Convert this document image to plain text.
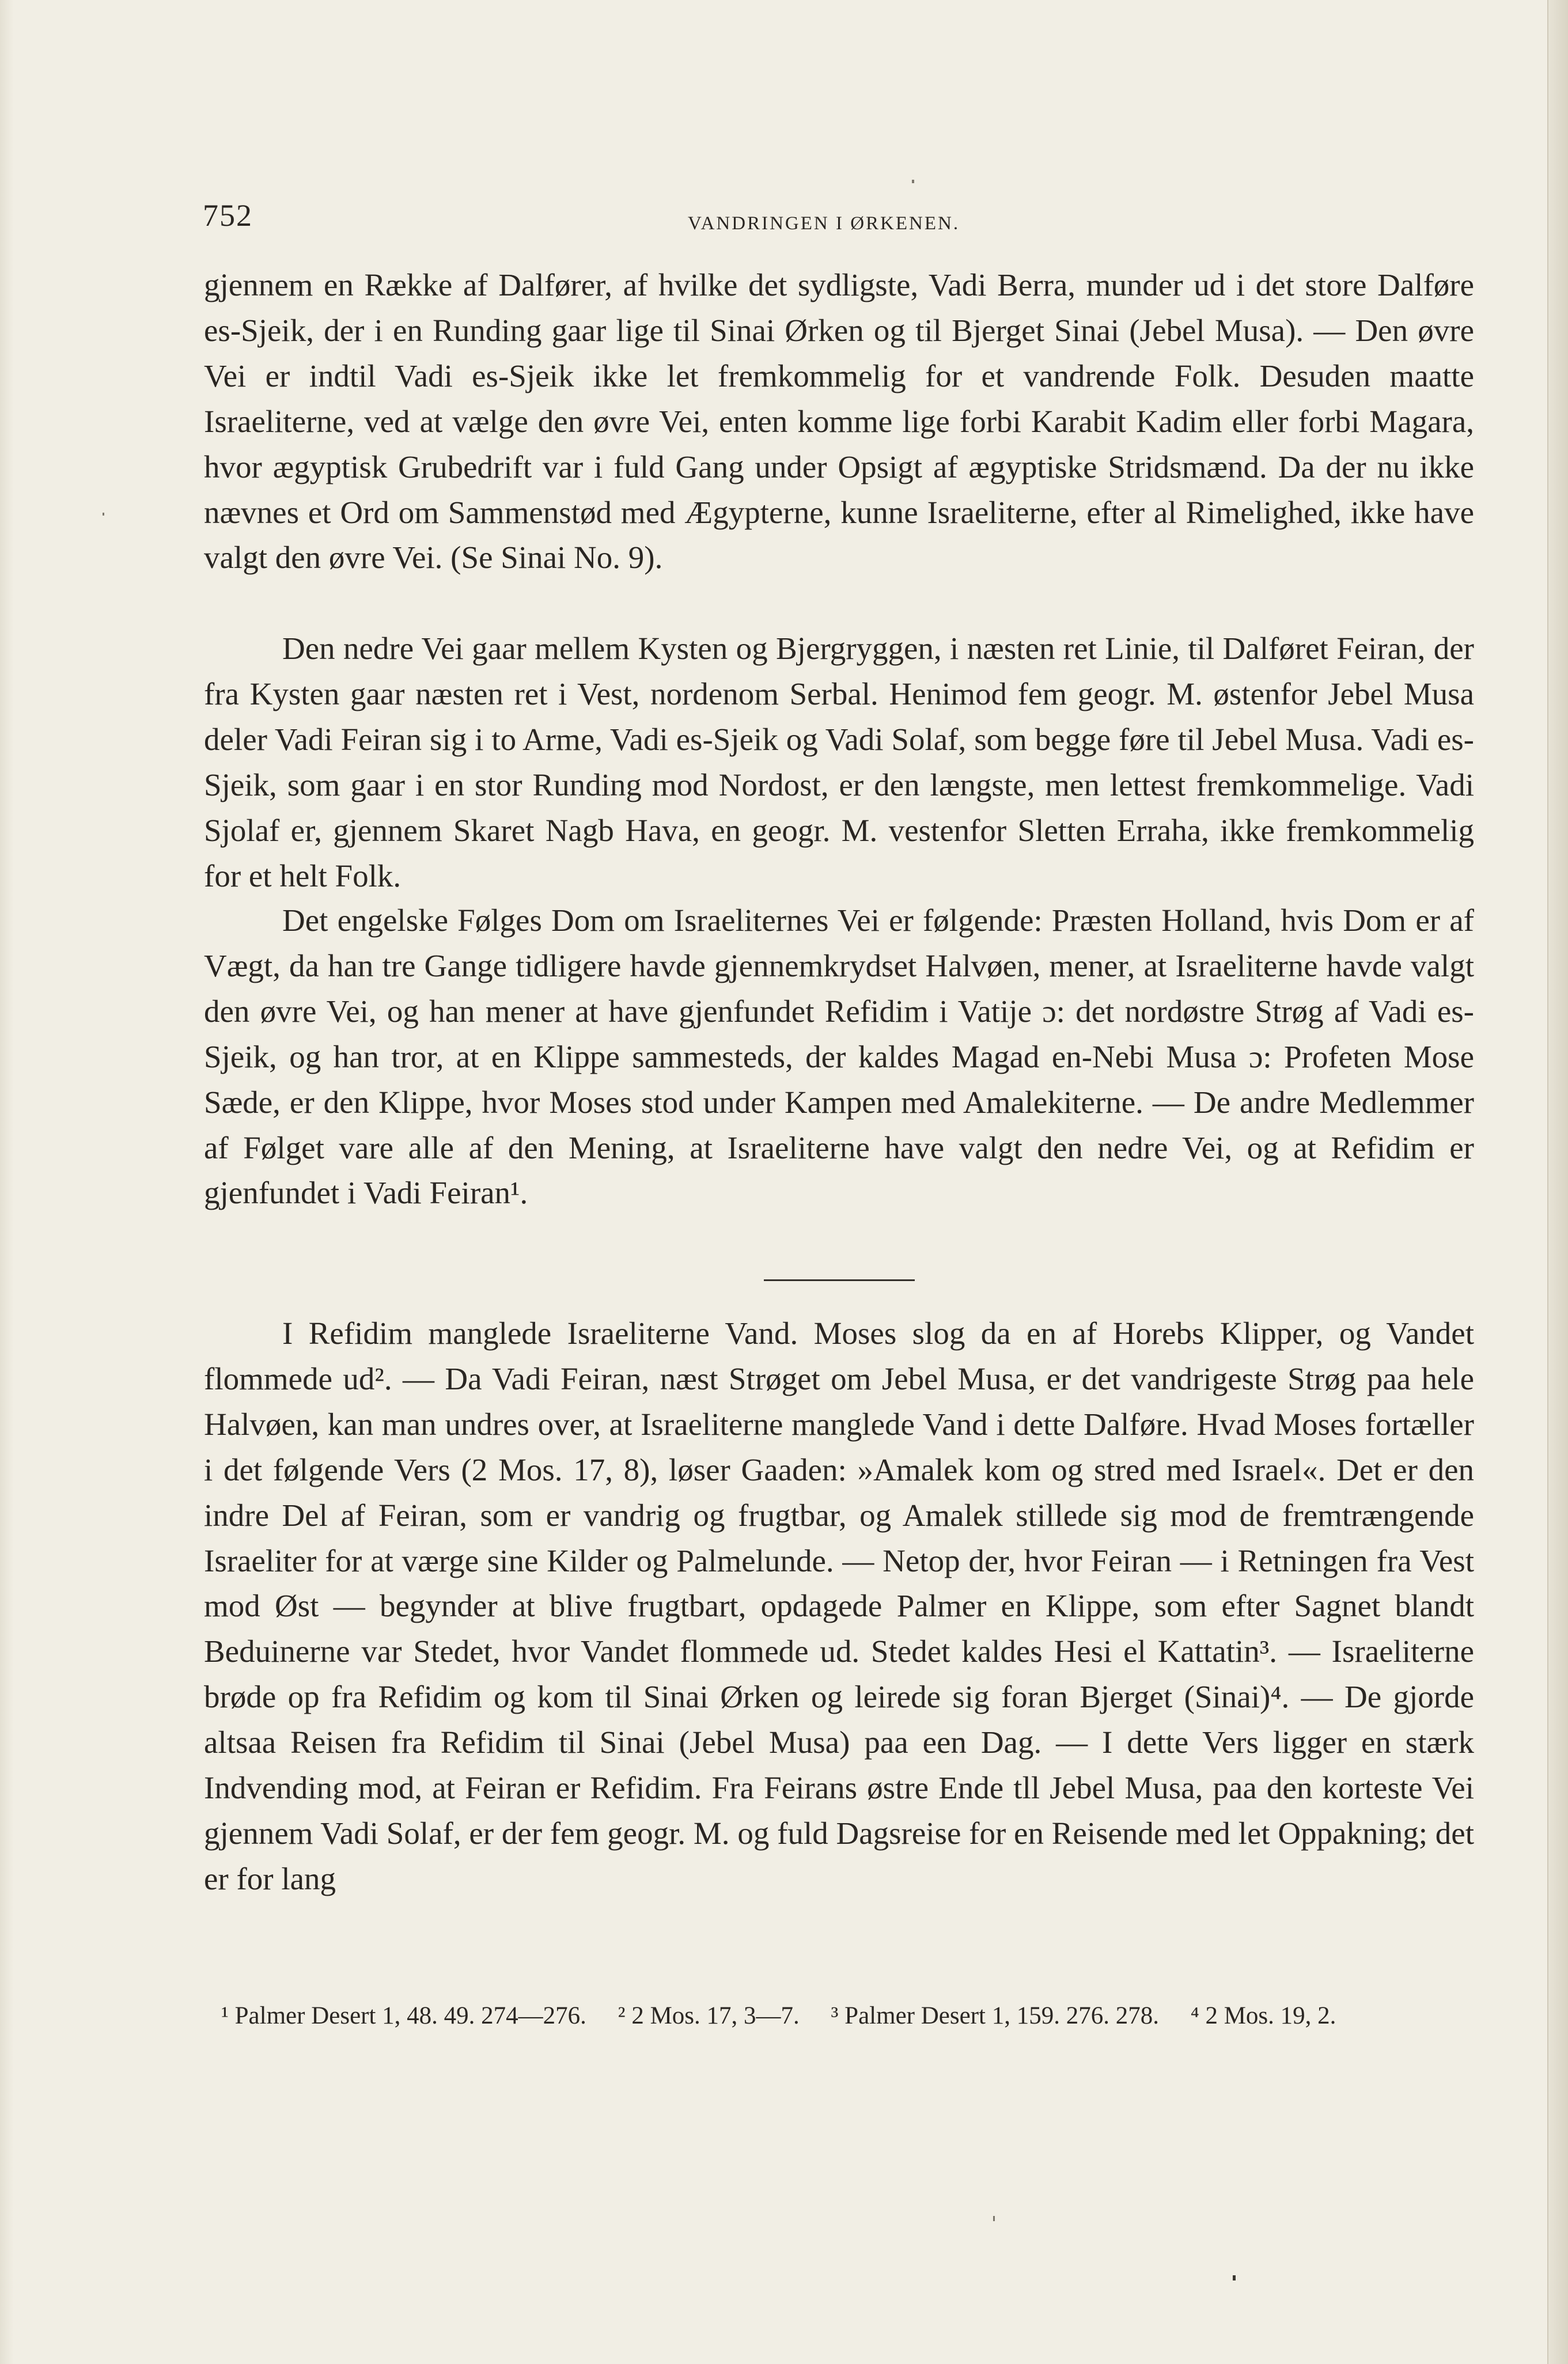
752	VANDRINGEN I ØRKENEN.

gjennem en Række af Dalfører, af hvilke det sydligste, Vadi Berra, munder ud i det store Dalføre es-Sjeik, der i en Runding gaar lige til Sinai Ørken og til Bjerget Sinai (Jebel Musa). — Den øvre Vei er indtil Vadi es-Sjeik ikke let fremkommelig for et vandrende Folk. Desuden maatte Israeliterne, ved at vælge den øvre Vei, enten komme lige forbi Karabit Kadim eller forbi Magara, hvor ægyptisk Grubedrift var i fuld Gang under Opsigt af ægyptiske Stridsmænd. Da der nu ikke nævnes et Ord om Sammenstød med Ægypterne, kunne Israeliterne, efter al Rimelighed, ikke have valgt den øvre Vei. (Se Sinai No. 9).

Den nedre Vei gaar mellem Kysten og Bjergryggen, i næsten ret Linie, til Dalføret Feiran, der fra Kysten gaar næsten ret i Vest, nordenom Serbal. Henimod fem geogr. M. østenfor Jebel Musa deler Vadi Feiran sig i to Arme, Vadi es-Sjeik og Vadi Solaf, som begge føre til Jebel Musa. Vadi es-Sjeik, som gaar i en stor Runding mod Nordost, er den længste, men lettest fremkommelige. Vadi Sjolaf er, gjennem Skaret Nagb Hava, en geogr. M. vestenfor Sletten Erraha, ikke fremkommelig for et helt Folk.

Det engelske Følges Dom om Israeliternes Vei er følgende: Præsten Holland, hvis Dom er af Vægt, da han tre Gange tidligere havde gjennemkrydset Halvøen, mener, at Israeliterne havde valgt den øvre Vei, og han mener at have gjenfundet Refidim i Vatije ɔ: det nordøstre Strøg af Vadi es-Sjeik, og han tror, at en Klippe sammesteds, der kaldes Magad en-Nebi Musa ɔ: Profeten Mose Sæde, er den Klippe, hvor Moses stod under Kampen med Amalekiterne. — De andre Medlemmer af Følget vare alle af den Mening, at Israeliterne have valgt den nedre Vei, og at Refidim er gjenfundet i Vadi Feiran¹.

I Refidim manglede Israeliterne Vand. Moses slog da en af Horebs Klipper, og Vandet flommede ud². — Da Vadi Feiran, næst Strøget om Jebel Musa, er det vandrigeste Strøg paa hele Halvøen, kan man undres over, at Israeliterne manglede Vand i dette Dalføre. Hvad Moses fortæller i det følgende Vers (2 Mos. 17, 8), løser Gaaden: »Amalek kom og stred med Israel«. Det er den indre Del af Feiran, som er vandrig og frugtbar, og Amalek stillede sig mod de fremtrængende Israeliter for at værge sine Kilder og Palmelunde. — Netop der, hvor Feiran — i Retningen fra Vest mod Øst — begynder at blive frugtbart, opdagede Palmer en Klippe, som efter Sagnet blandt Beduinerne var Stedet, hvor Vandet flommede ud. Stedet kaldes Hesi el Kattatin³. — Israeliterne brøde op fra Refidim og kom til Sinai Ørken og leirede sig foran Bjerget (Sinai)⁴. — De gjorde altsaa Reisen fra Refidim til Sinai (Jebel Musa) paa een Dag. — I dette Vers ligger en stærk Indvending mod, at Feiran er Refidim. Fra Feirans østre Ende tll Jebel Musa, paa den korteste Vei gjennem Vadi Solaf, er der fem geogr. M. og fuld Dagsreise for en Reisende med let Oppakning; det er for lang

¹ Palmer Desert 1, 48. 49. 274—276. ² 2 Mos. 17, 3—7. ³ Palmer Desert 1, 159. 276. 278. ⁴ 2 Mos. 19, 2.
